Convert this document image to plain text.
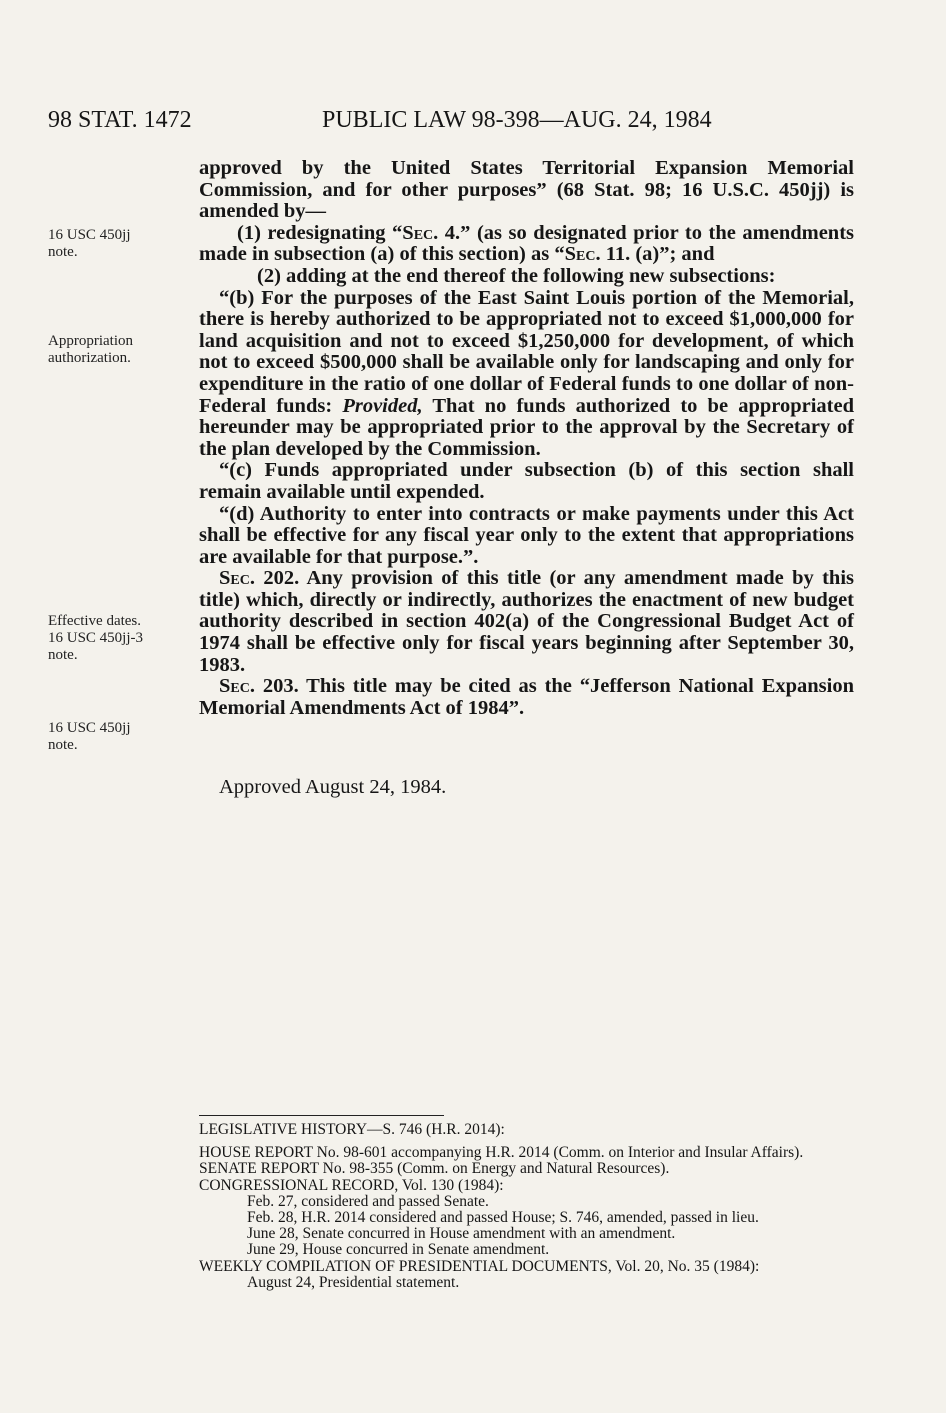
98 STAT. 1472	PUBLIC LAW 98-398—AUG. 24, 1984
16 USC 450jj
note.
Appropriation
authorization.
Effective dates.
16 USC 450jj-3
note.
16 USC 450jj
note.

approved by the United States Territorial Expansion Memorial Commission, and for other purposes” (68 Stat. 98; 16 U.S.C. 450jj) is amended by—

(1) redesignating “Sec. 4.” (as so designated prior to the amendments made in subsection (a) of this section) as “Sec. 11. (a)”; and

(2) adding at the end thereof the following new subsections:

“(b) For the purposes of the East Saint Louis portion of the Memorial, there is hereby authorized to be appropriated not to exceed $1,000,000 for land acquisition and not to exceed $1,250,000 for development, of which not to exceed $500,000 shall be available only for landscaping and only for expenditure in the ratio of one dollar of Federal funds to one dollar of non-Federal funds: Provided, That no funds authorized to be appropriated hereunder may be appropriated prior to the approval by the Secretary of the plan developed by the Commission.

“(c) Funds appropriated under subsection (b) of this section shall remain available until expended.

“(d) Authority to enter into contracts or make payments under this Act shall be effective for any fiscal year only to the extent that appropriations are available for that purpose.”.

Sec. 202. Any provision of this title (or any amendment made by this title) which, directly or indirectly, authorizes the enactment of new budget authority described in section 402(a) of the Congressional Budget Act of 1974 shall be effective only for fiscal years beginning after September 30, 1983.

Sec. 203. This title may be cited as the “Jefferson National Expansion Memorial Amendments Act of 1984”.

Approved August 24, 1984.

LEGISLATIVE HISTORY—S. 746 (H.R. 2014):

HOUSE REPORT No. 98-601 accompanying H.R. 2014 (Comm. on Interior and Insular Affairs).

SENATE REPORT No. 98-355 (Comm. on Energy and Natural Resources).

CONGRESSIONAL RECORD, Vol. 130 (1984):

Feb. 27, considered and passed Senate.

Feb. 28, H.R. 2014 considered and passed House; S. 746, amended, passed in lieu.

June 28, Senate concurred in House amendment with an amendment.

June 29, House concurred in Senate amendment.

WEEKLY COMPILATION OF PRESIDENTIAL DOCUMENTS, Vol. 20, No. 35 (1984):

August 24, Presidential statement.
